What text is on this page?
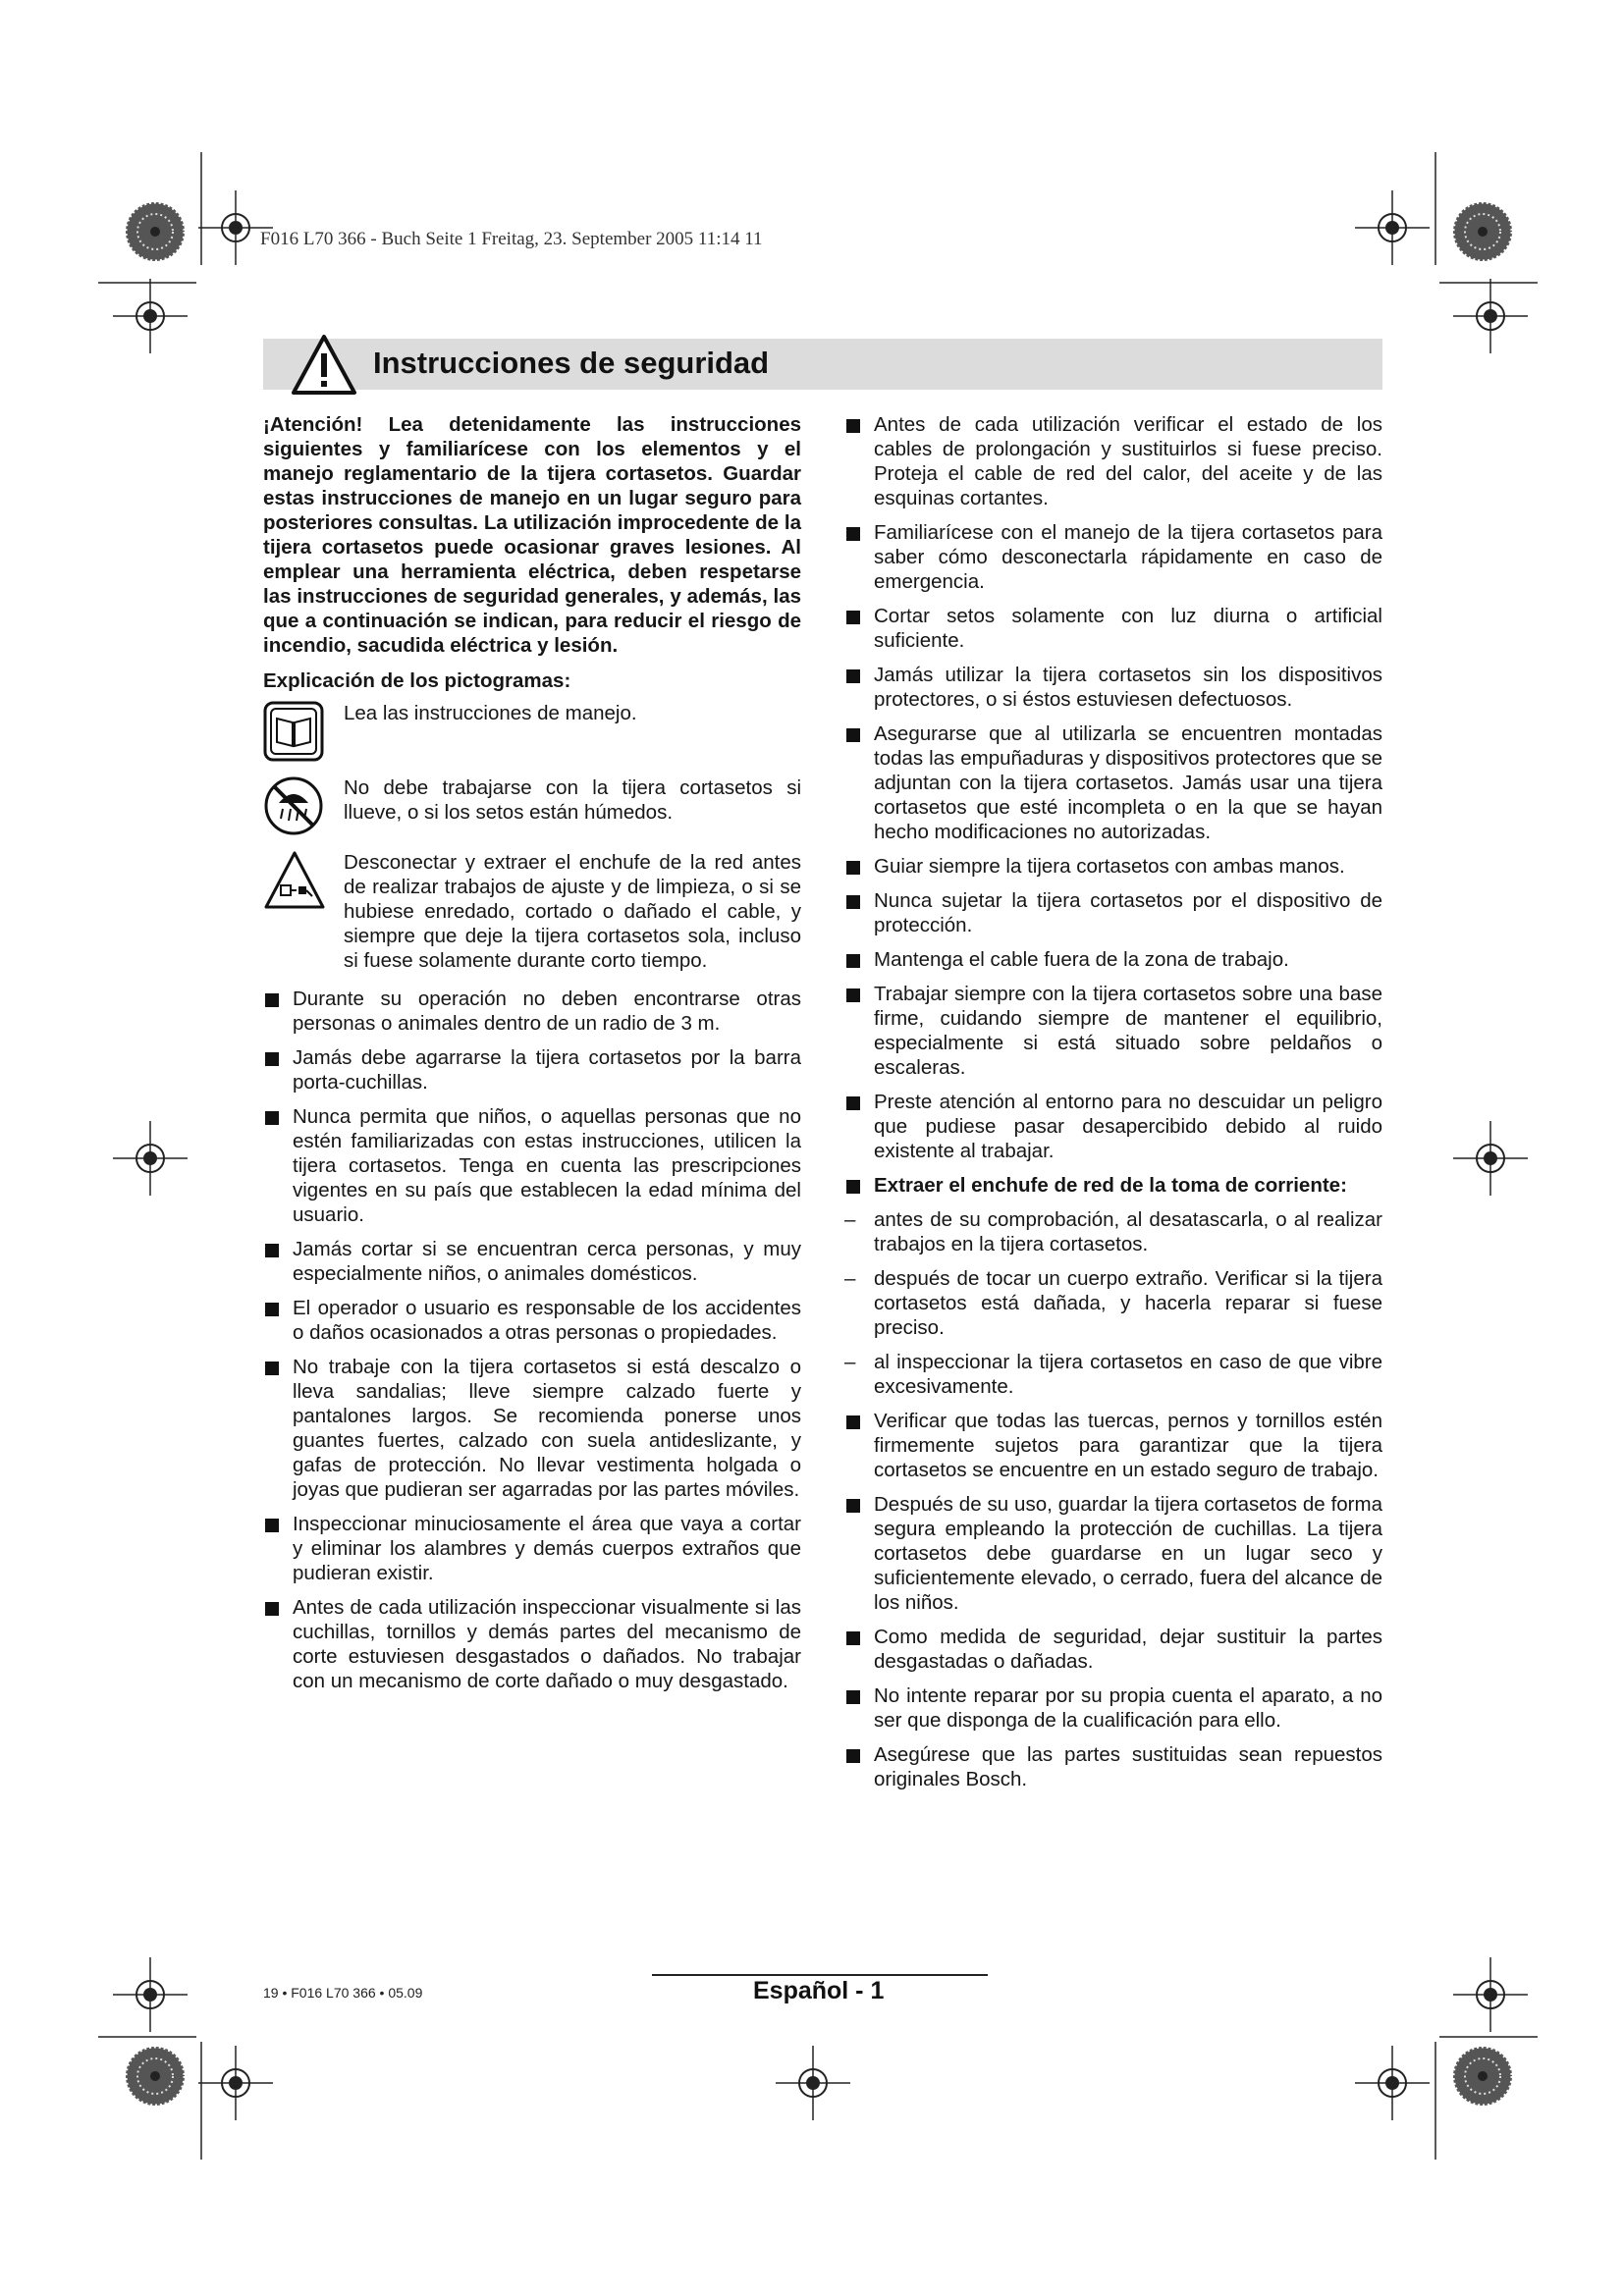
F016 L70 366 - Buch Seite 1 Freitag, 23. September 2005 11:14 11
Instrucciones de seguridad

¡Atención! Lea detenidamente las instrucciones siguientes y familiarícese con los elementos y el manejo reglamentario de la tijera cortasetos. Guardar estas instrucciones de manejo en un lugar seguro para posteriores consultas. La utilización improcedente de la tijera cortasetos puede ocasionar graves lesiones. Al emplear una herramienta eléctrica, deben respetarse las instrucciones de seguridad generales, y además, las que a continuación se indican, para reducir el riesgo de incendio, sacudida eléctrica y lesión.

Explicación de los pictogramas:

Lea las instrucciones de manejo.
No debe trabajarse con la tijera cortasetos si llueve, o si los setos están húmedos.
Desconectar y extraer el enchufe de la red antes de realizar trabajos de ajuste y de limpieza, o si se hubiese enredado, cortado o dañado el cable, y siempre que deje la tijera cortasetos sola, incluso si fuese solamente durante corto tiempo.
Durante su operación no deben encontrarse otras personas o animales dentro de un radio de 3 m.
Jamás debe agarrarse la tijera cortasetos por la barra porta-cuchillas.
Nunca permita que niños, o aquellas personas que no estén familiarizadas con estas instrucciones, utilicen la tijera cortasetos. Tenga en cuenta las prescripciones vigentes en su país que establecen la edad mínima del usuario.
Jamás cortar si se encuentran cerca personas, y muy especialmente niños, o animales domésticos.
El operador o usuario es responsable de los accidentes o daños ocasionados a otras personas o propiedades.
No trabaje con la tijera cortasetos si está descalzo o lleva sandalias; lleve siempre calzado fuerte y pantalones largos. Se recomienda ponerse unos guantes fuertes, calzado con suela antideslizante, y gafas de protección. No llevar vestimenta holgada o joyas que pudieran ser agarradas por las partes móviles.
Inspeccionar minuciosamente el área que vaya a cortar y eliminar los alambres y demás cuerpos extraños que pudieran existir.
Antes de cada utilización inspeccionar visualmente si las cuchillas, tornillos y demás partes del mecanismo de corte estuviesen desgastados o dañados. No trabajar con un mecanismo de corte dañado o muy desgastado.
Antes de cada utilización verificar el estado de los cables de prolongación y sustituirlos si fuese preciso. Proteja el cable de red del calor, del aceite y de las esquinas cortantes.
Familiarícese con el manejo de la tijera cortasetos para saber cómo desconectarla rápidamente en caso de emergencia.
Cortar setos solamente con luz diurna o artificial suficiente.
Jamás utilizar la tijera cortasetos sin los dispositivos protectores, o si éstos estuviesen defectuosos.
Asegurarse que al utilizarla se encuentren montadas todas las empuñaduras y dispositivos protectores que se adjuntan con la tijera cortasetos. Jamás usar una tijera cortasetos que esté incompleta o en la que se hayan hecho modificaciones no autorizadas.
Guiar siempre la tijera cortasetos con ambas manos.
Nunca sujetar la tijera cortasetos por el dispositivo de protección.
Mantenga el cable fuera de la zona de trabajo.
Trabajar siempre con la tijera cortasetos sobre una base firme, cuidando siempre de mantener el equilibrio, especialmente si está situado sobre peldaños o escaleras.
Preste atención al entorno para no descuidar un peligro que pudiese pasar desapercibido debido al ruido existente al trabajar.
Extraer el enchufe de red de la toma de corriente:
– antes de su comprobación, al desatascarla, o al realizar trabajos en la tijera cortasetos.
– después de tocar un cuerpo extraño. Verificar si la tijera cortasetos está dañada, y hacerla reparar si fuese preciso.
– al inspeccionar la tijera cortasetos en caso de que vibre excesivamente.
Verificar que todas las tuercas, pernos y tornillos estén firmemente sujetos para garantizar que la tijera cortasetos se encuentre en un estado seguro de trabajo.
Después de su uso, guardar la tijera cortasetos de forma segura empleando la protección de cuchillas. La tijera cortasetos debe guardarse en un lugar seco y suficientemente elevado, o cerrado, fuera del alcance de los niños.
Como medida de seguridad, dejar sustituir la partes desgastadas o dañadas.
No intente reparar por su propia cuenta el aparato, a no ser que disponga de la cualificación para ello.
Asegúrese que las partes sustituidas sean repuestos originales Bosch.
19 • F016 L70 366 • 05.09	Español - 1
